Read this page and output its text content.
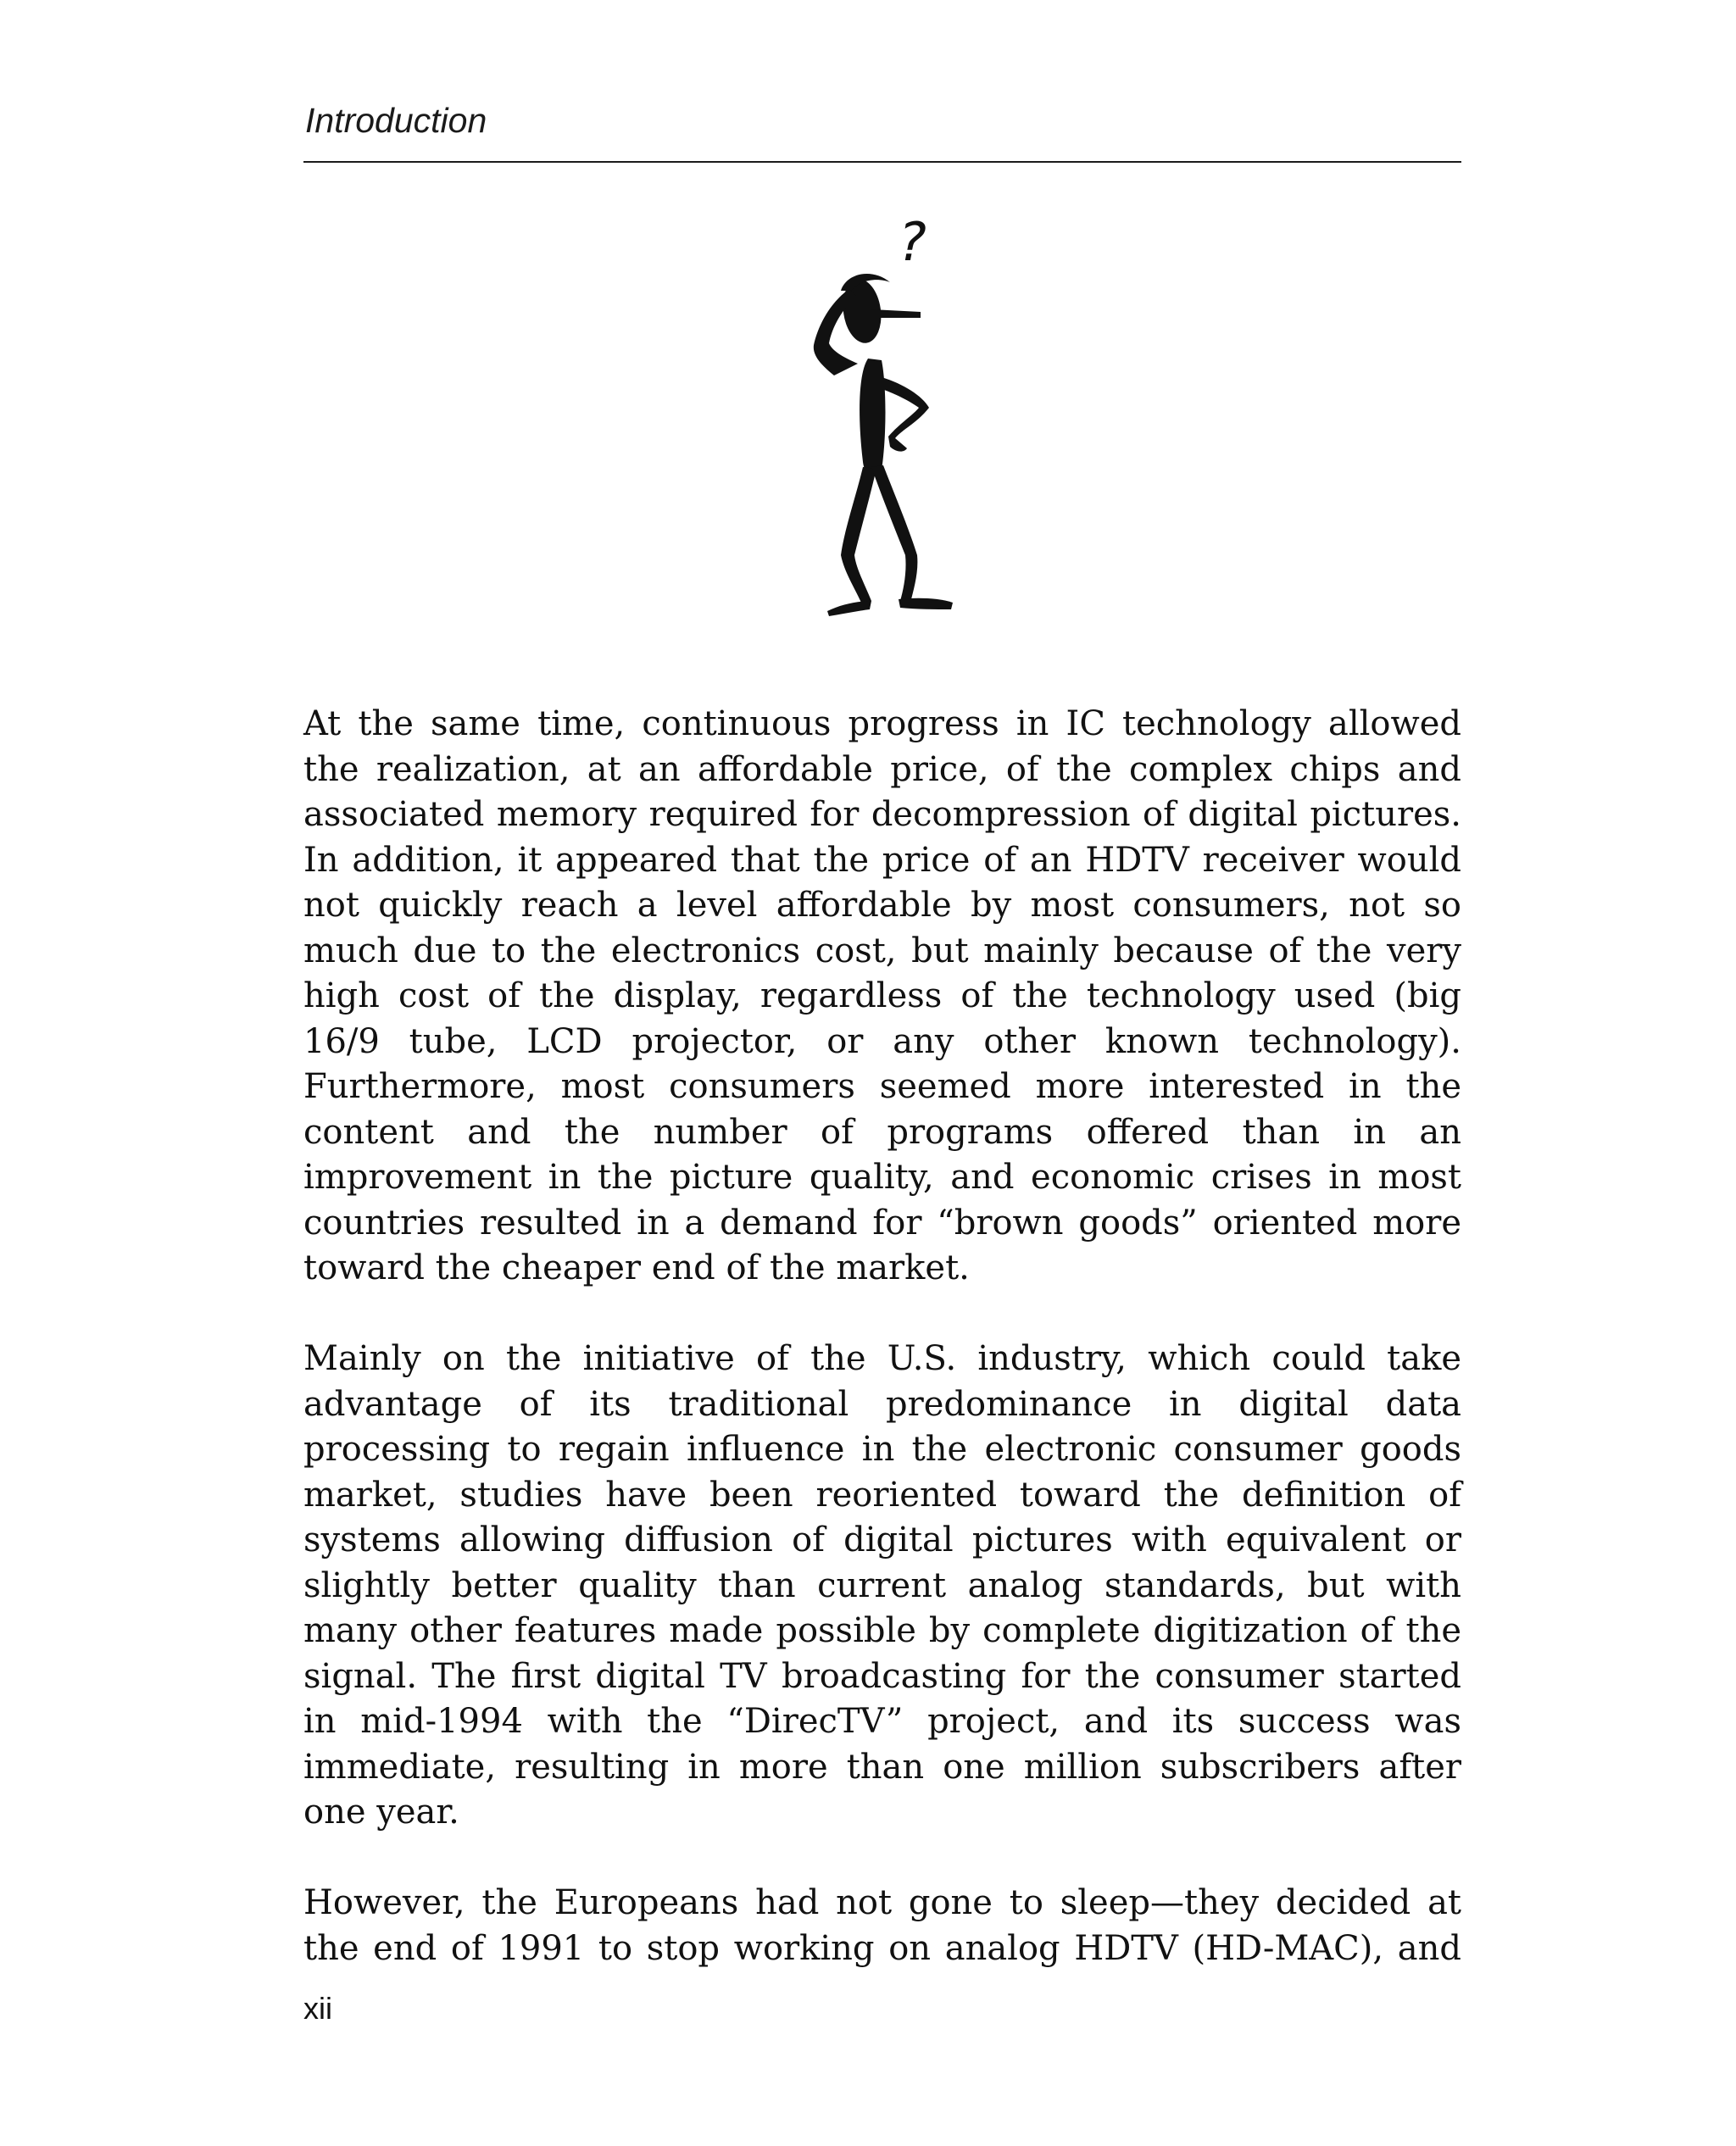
Introduction
?

At the same time, continuous progress in IC technology allowed the realization, at an affordable price, of the complex chips and associated memory required for decompression of digital pictures. In addition, it appeared that the price of an HDTV receiver would not quickly reach a level affordable by most consumers, not so much due to the electronics cost, but mainly because of the very high cost of the display, regardless of the technology used (big 16/9 tube, LCD projector, or any other known technology). Furthermore, most consumers seemed more interested in the content and the number of programs offered than in an improvement in the picture quality, and economic crises in most countries resulted in a demand for “brown goods” oriented more toward the cheaper end of the market.

Mainly on the initiative of the U.S. industry, which could take advantage of its traditional predominance in digital data processing to regain influence in the electronic consumer goods market, studies have been reoriented toward the definition of systems allowing diffusion of digital pictures with equivalent or slightly better quality than current analog standards, but with many other features made possible by complete digitization of the signal. The first digital TV broadcasting for the consumer started in mid-1994 with the “DirecTV” project, and its success was immediate, resulting in more than one million subscribers after one year.

However, the Europeans had not gone to sleep—they decided at the end of 1991 to stop working on analog HDTV (HD-MAC), and

xii
